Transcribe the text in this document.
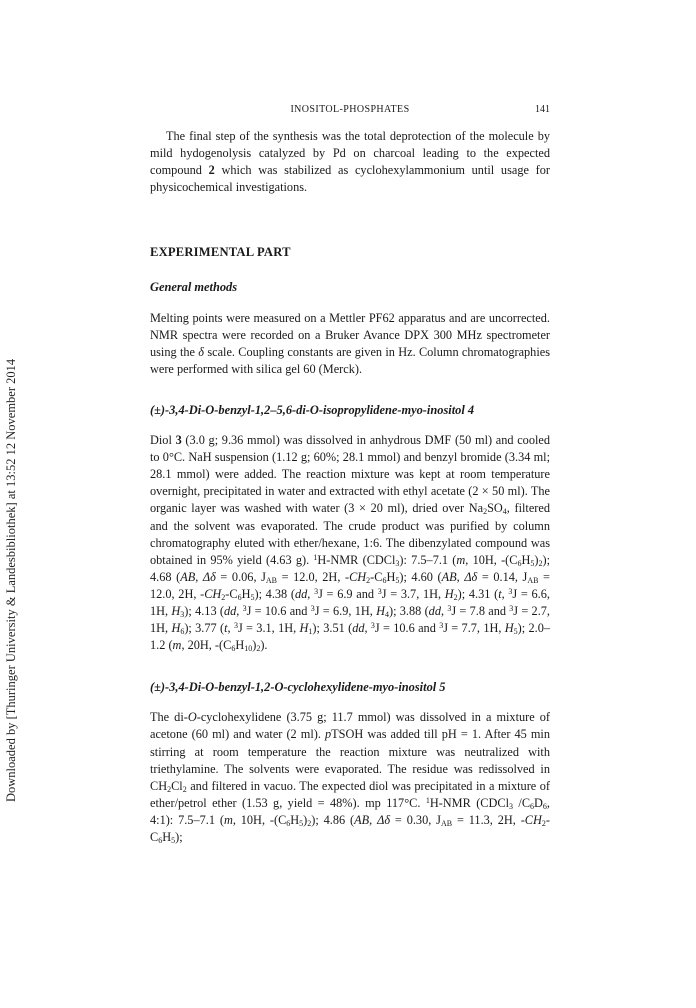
Downloaded by [Thuringer University & Landesbibliothek] at 13:52 12 November 2014
INOSITOL-PHOSPHATES	141

The final step of the synthesis was the total deprotection of the molecule by mild hydogenolysis catalyzed by Pd on charcoal leading to the expected compound 2 which was stabilized as cyclohexylammonium until usage for physicochemical investigations.

EXPERIMENTAL PART
General methods

Melting points were measured on a Mettler PF62 apparatus and are uncorrected. NMR spectra were recorded on a Bruker Avance DPX 300 MHz spectrometer using the δ scale. Coupling constants are given in Hz. Column chromatographies were performed with silica gel 60 (Merck).

(±)-3,4-Di-O-benzyl-1,2–5,6-di-O-isopropylidene-myo-inositol 4

Diol 3 (3.0 g; 9.36 mmol) was dissolved in anhydrous DMF (50 ml) and cooled to 0°C. NaH suspension (1.12 g; 60%; 28.1 mmol) and benzyl bromide (3.34 ml; 28.1 mmol) were added. The reaction mixture was kept at room temperature overnight, precipitated in water and extracted with ethyl acetate (2 × 50 ml). The organic layer was washed with water (3 × 20 ml), dried over $Na_2SO_4$, filtered and the solvent was evaporated. The crude product was purified by column chromatography eluted with ether/hexane, 1:6. The dibenzylated compound was obtained in 95% yield (4.63 g). $^1$H-NMR (CDCl$_3$): 7.5–7.1 (m, 10H, $-(C_6H_5)_2$); 4.68 (AB, Δδ = 0.06, $J_{AB} = 12.0$, 2H, $-CH_2-C_6H_5$); 4.60 (AB, Δδ = 0.14, $J_{AB} = 12.0$, 2H, $-CH_2-C_6H_5$); 4.38 (dd, $^3$J = 6.9 and $^3$J = 3.7, 1H, $H_2$); 4.31 (t, $^3$J = 6.6, 1H, $H_3$); 4.13 (dd, $^3$J = 10.6 and $^3$J = 6.9, 1H, $H_4$); 3.88 (dd, $^3$J = 7.8 and $^3$J = 2.7, 1H, $H_6$); 3.77 (t, $^3$J = 3.1, 1H, $H_1$); 3.51 (dd, $^3$J = 10.6 and $^3$J = 7.7, 1H, $H_5$); 2.0–1.2 (m, 20H, $-(C_6H_{10})_2$).

(±)-3,4-Di-O-benzyl-1,2-O-cyclohexylidene-myo-inositol 5

The di-O-cyclohexylidene (3.75 g; 11.7 mmol) was dissolved in a mixture of acetone (60 ml) and water (2 ml). pTSOH was added till pH = 1. After 45 min stirring at room temperature the reaction mixture was neutralized with triethylamine. The solvents were evaporated. The residue was redissolved in $CH_2Cl_2$ and filtered in vacuo. The expected diol was precipitated in a mixture of ether/petrol ether (1.53 g, yield = 48%). mp 117°C. $^1$H-NMR (CDCl$_3$ $/C_6D_6$, 4:1): 7.5–7.1 (m, 10H, $-(C_6H_5)_2$); 4.86 (AB, Δδ = 0.30, $J_{AB} = 11.3$, 2H, $-CH_2-C_6H_5$);
